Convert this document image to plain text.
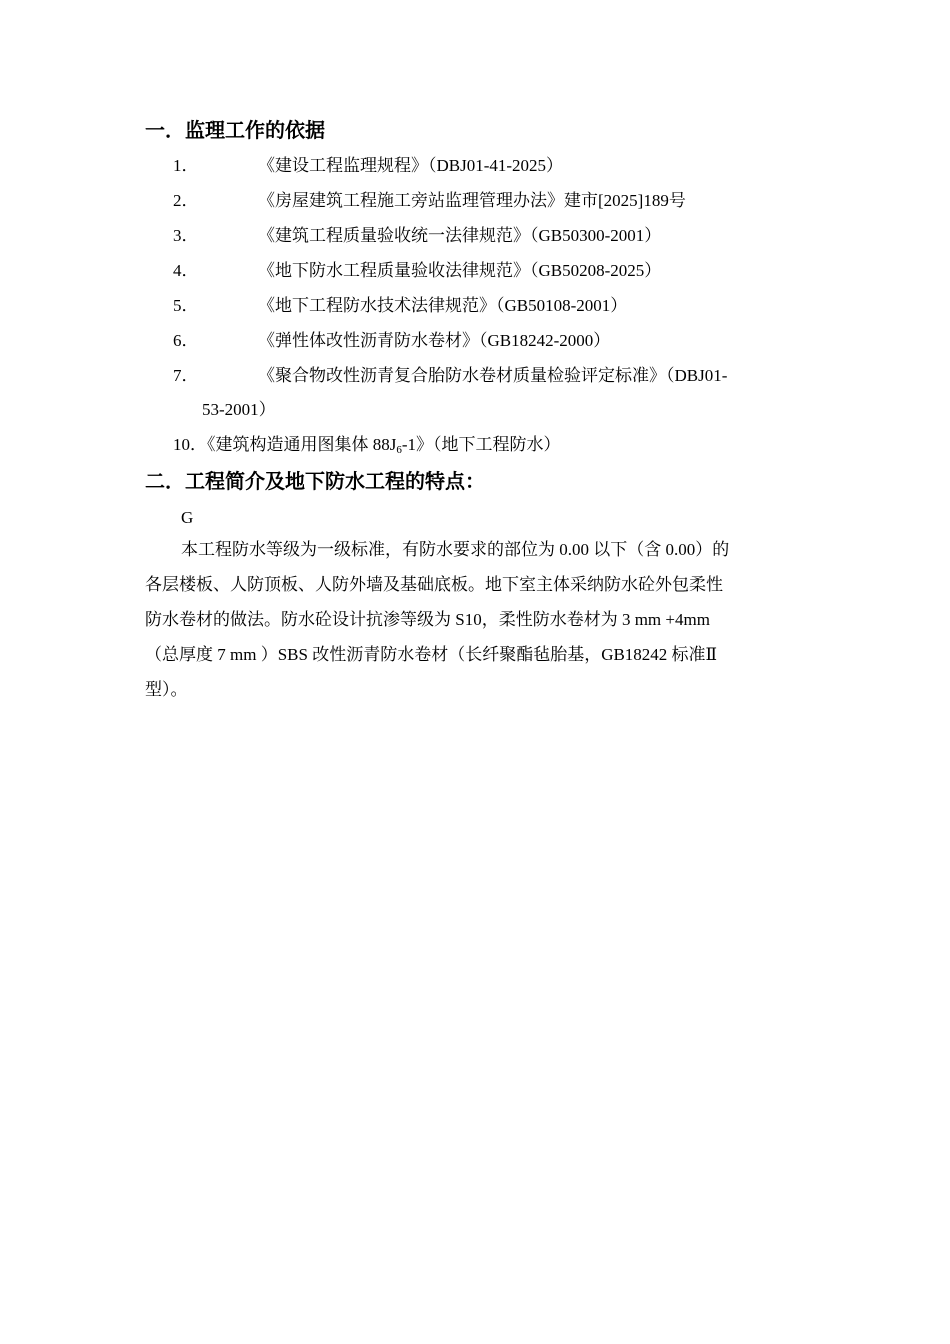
一．监理工作的依据
1．	《建设工程监理规程》（DBJ01-41-2025）
2．	《房屋建筑工程施工旁站监理管理办法》建市[2025]189号
3．	《建筑工程质量验收统一法律规范》（GB50300-2001）
4．	《地下防水工程质量验收法律规范》（GB50208-2025）
5．	《地下工程防水技术法律规范》（GB50108-2001）
6．	《弹性体改性沥青防水卷材》（GB18242-2000）
7．	《聚合物改性沥青复合胎防水卷材质量检验评定标准》（DBJ01-
53-2001）
10．《建筑构造通用图集体 $88J_6-1$》（地下工程防水）
二．工程简介及地下防水工程的特点：
G
本工程防水等级为一级标准，有防水要求的部位为 0.00 以下（含 0.00）的
各层楼板、人防顶板、人防外墙及基础底板。地下室主体采纳防水砼外包柔性
防水卷材的做法。防水砼设计抗渗等级为 S10，柔性防水卷材为 3 mm +4mm
（总厚度 7 mm ）SBS 改性沥青防水卷材（长纤聚酯毡胎基，GB18242 标准Ⅱ
型）。
